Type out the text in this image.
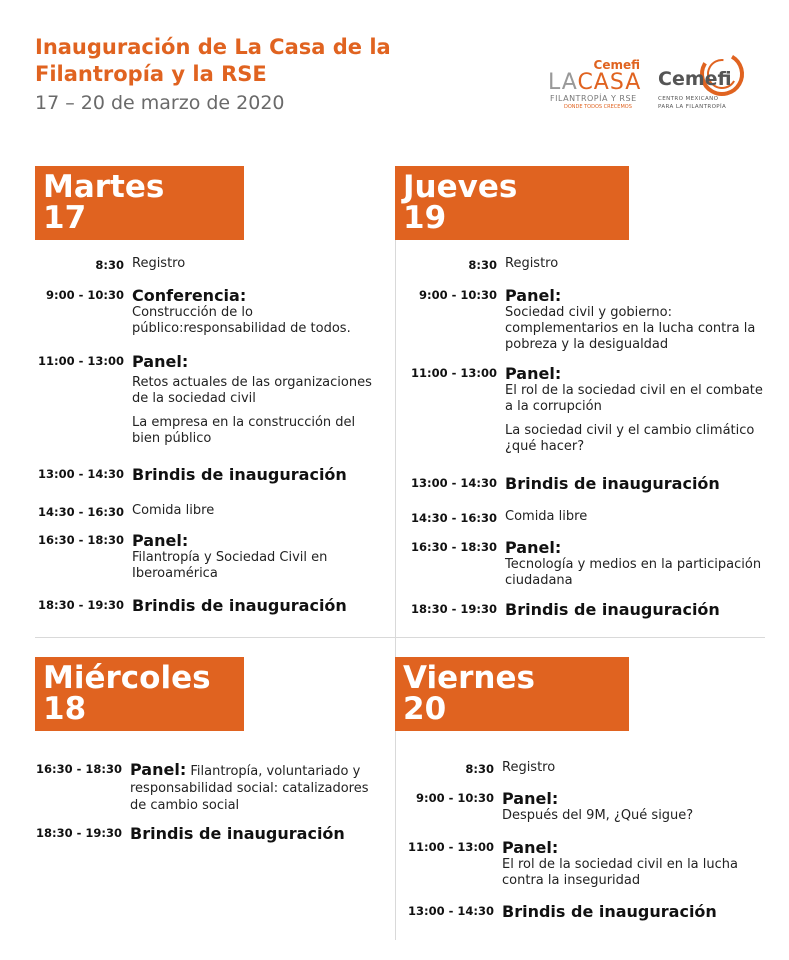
Inauguración de La Casa de la Filantropía y la RSE
17 – 20 de marzo de 2020
Cemefi
LACASA
FILANTROPÍA Y RSE
DONDE TODOS CRECEMOS
Cemefi
CENTRO MEXICANO
PARA LA FILANTROPÍA
Martes
17
8:30 Registro
9:00 - 10:30 Conferencia:
Construcción de lo público:responsabilidad de todos.
11:00 - 13:00 Panel:
Retos actuales de las organizaciones de la sociedad civil
La empresa en la construcción del bien público
13:00 - 14:30 Brindis de inauguración
14:30 - 16:30 Comida libre
16:30 - 18:30 Panel:
Filantropía y Sociedad Civil en Iberoamérica
18:30 - 19:30 Brindis de inauguración
Jueves
19
8:30 Registro
9:00 - 10:30 Panel:
Sociedad civil y gobierno: complementarios en la lucha contra la pobreza y la desigualdad
11:00 - 13:00 Panel:
El rol de la sociedad civil en el combate a la corrupción
La sociedad civil y el cambio climático ¿qué hacer?
13:00 - 14:30 Brindis de inauguración
14:30 - 16:30 Comida libre
16:30 - 18:30 Panel:
Tecnología y medios en la participación ciudadana
18:30 - 19:30 Brindis de inauguración
Miércoles
18
16:30 - 18:30 Panel: Filantropía, voluntariado y responsabilidad social: catalizadores de cambio social
18:30 - 19:30 Brindis de inauguración
Viernes
20
8:30 Registro
9:00 - 10:30 Panel:
Después del 9M, ¿Qué sigue?
11:00 - 13:00 Panel:
El rol de la sociedad civil en la lucha contra la inseguridad
13:00 - 14:30 Brindis de inauguración
